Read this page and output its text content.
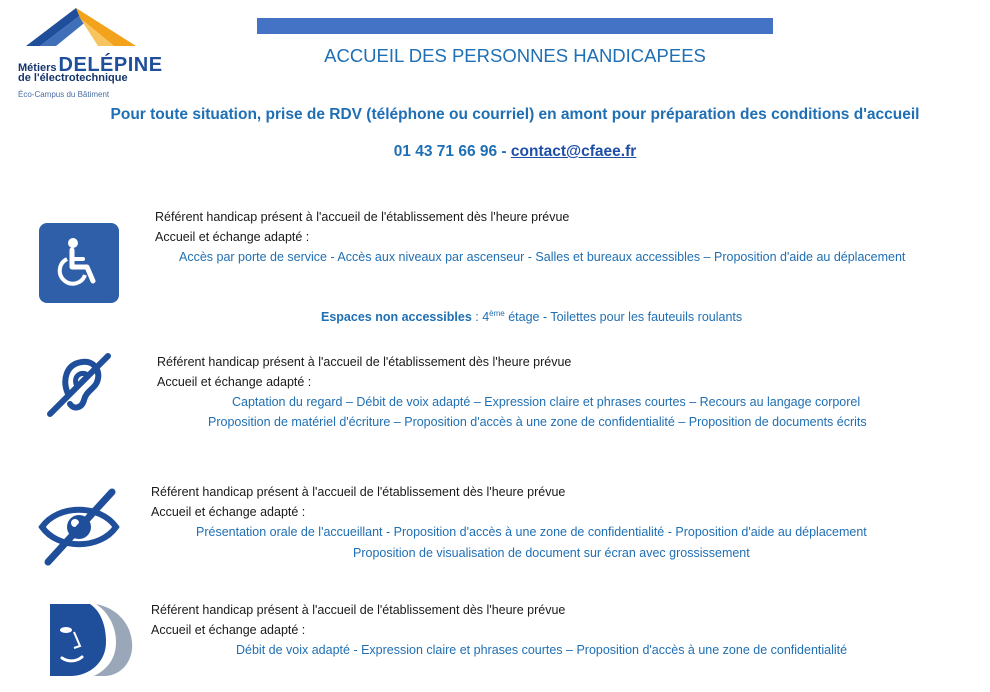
Métiers DELÉPINE
de l'électrotechnique
Éco-Campus du Bâtiment
ACCUEIL DES PERSONNES HANDICAPEES
Pour toute situation, prise de RDV (téléphone ou courriel) en amont pour préparation des conditions d'accueil
01 43 71 66 96 - contact@cfaee.fr
Référent handicap présent à l'accueil de l'établissement dès l'heure prévue
Accueil et échange adapté :
Accès par porte de service - Accès aux niveaux par ascenseur - Salles et bureaux accessibles – Proposition d'aide au déplacement
Espaces non accessibles : 4ème étage - Toilettes pour les fauteuils roulants
Référent handicap présent à l'accueil de l'établissement dès l'heure prévue
Accueil et échange adapté :
Captation du regard – Débit de voix adapté – Expression claire et phrases courtes – Recours au langage corporel
Proposition de matériel d'écriture – Proposition d'accès à une zone de confidentialité – Proposition de documents écrits
Référent handicap présent à l'accueil de l'établissement dès l'heure prévue
Accueil et échange adapté :
Présentation orale de l'accueillant - Proposition d'accès à une zone de confidentialité - Proposition d'aide au déplacement
Proposition de visualisation de document sur écran avec grossissement
Référent handicap présent à l'accueil de l'établissement dès l'heure prévue
Accueil et échange adapté :
Débit de voix adapté - Expression claire et phrases courtes – Proposition d'accès à une zone de confidentialité
